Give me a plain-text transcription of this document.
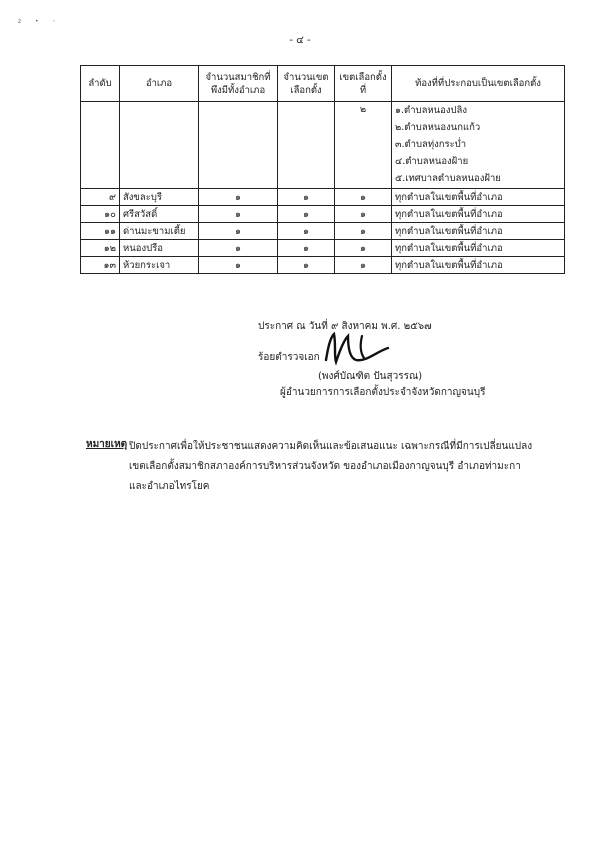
z • ◦
- ๔ -
ลำดับ	อำเภอ	จำนวนสมาชิกที่พึงมีทั้งอำเภอ	จำนวนเขตเลือกตั้ง	เขตเลือกตั้งที่	ท้องที่ที่ประกอบเป็นเขตเลือกตั้ง
				๒	๑.ตำบลหนองปลิง
๒.ตำบลหนองนกแก้ว
๓.ตำบลทุ่งกระบ่ำ
๔.ตำบลหนองฝ้าย
๕.เทศบาลตำบลหนองฝ้าย

๙	สังขละบุรี	๑	๑	๑	ทุกตำบลในเขตพื้นที่อำเภอ
๑๐	ศรีสวัสดิ์	๑	๑	๑	ทุกตำบลในเขตพื้นที่อำเภอ
๑๑	ด่านมะขามเตี้ย	๑	๑	๑	ทุกตำบลในเขตพื้นที่อำเภอ
๑๒	หนองปรือ	๑	๑	๑	ทุกตำบลในเขตพื้นที่อำเภอ
๑๓	ห้วยกระเจา	๑	๑	๑	ทุกตำบลในเขตพื้นที่อำเภอ
ประกาศ ณ วันที่ ๙ สิงหาคม พ.ศ. ๒๕๖๗
ร้อยตำรวจเอก
(พงศ์บัณฑิต ปันสุวรรณ)
ผู้อำนวยการการเลือกตั้งประจำจังหวัดกาญจนบุรี
หมายเหตุ ปิดประกาศเพื่อให้ประชาชนแสดงความคิดเห็นและข้อเสนอแนะ เฉพาะกรณีที่มีการเปลี่ยนแปลง
เขตเลือกตั้งสมาชิกสภาองค์การบริหารส่วนจังหวัด ของอำเภอเมืองกาญจนบุรี อำเภอท่ามะกา
และอำเภอไทรโยค
